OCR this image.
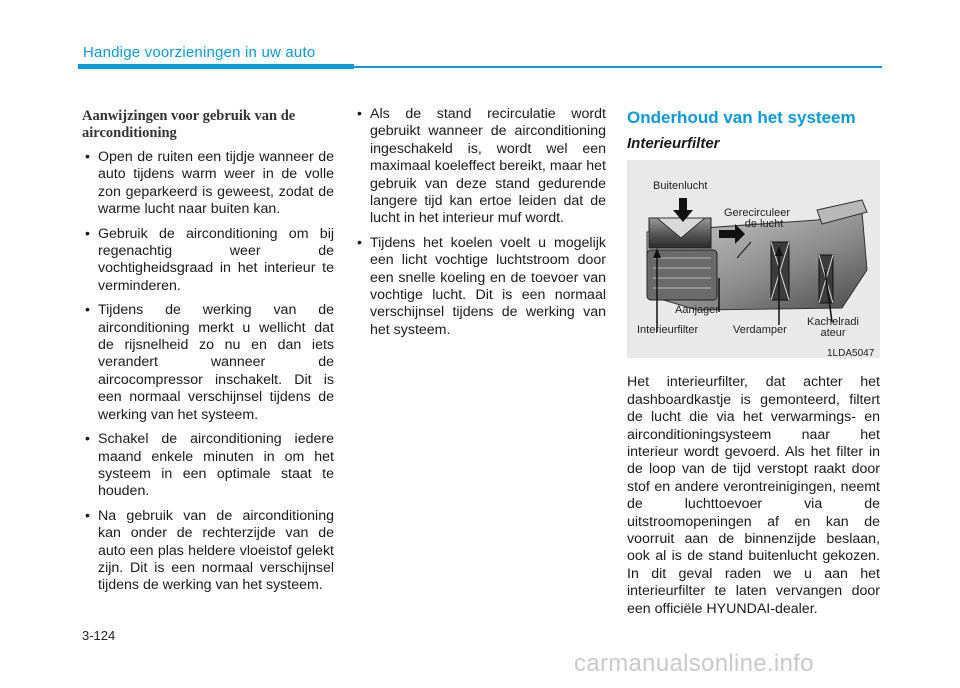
Handige voorzieningen in uw auto
Aanwijzingen voor gebruik van de airconditioning
• Open de ruiten een tijdje wanneer de auto tijdens warm weer in de volle zon geparkeerd is geweest, zodat de warme lucht naar buiten kan.
• Gebruik de airconditioning om bij regenachtig weer de vochtigheidsgraad in het interieur te verminderen.
• Tijdens de werking van de airconditioning merkt u wellicht dat de rijsnelheid zo nu en dan iets verandert wanneer de aircocompressor inschakelt. Dit is een normaal verschijnsel tijdens de werking van het systeem.
• Schakel de airconditioning iedere maand enkele minuten in om het systeem in een optimale staat te houden.
• Na gebruik van de airconditioning kan onder de rechterzijde van de auto een plas heldere vloeistof gelekt zijn. Dit is een normaal verschijnsel tijdens de werking van het systeem.
• Als de stand recirculatie wordt gebruikt wanneer de airconditioning ingeschakeld is, wordt wel een maximaal koeleffect bereikt, maar het gebruik van deze stand gedurende langere tijd kan ertoe leiden dat de lucht in het interieur muf wordt.
• Tijdens het koelen voelt u mogelijk een licht vochtige luchtstroom door een snelle koeling en de toevoer van vochtige lucht. Dit is een normaal verschijnsel tijdens de werking van het systeem.
Onderhoud van het systeem
Interieurfilter
Buitenlucht
Gerecirculeer
de lucht
Aanjager
Interieurfilter	Verdamper
Kachelradi
ateur
1LDA5047
Het interieurfilter, dat achter het dashboardkastje is gemonteerd, filtert de lucht die via het verwarmings- en airconditioningsysteem naar het interieur wordt gevoerd. Als het filter in de loop van de tijd verstopt raakt door stof en andere verontreinigingen, neemt de luchttoevoer via de uitstroomopeningen af en kan de voorruit aan de binnenzijde beslaan, ook al is de stand buitenlucht gekozen. In dit geval raden we u aan het interieurfilter te laten vervangen door een officiële HYUNDAI-dealer.
3-124
carmanualsonline.info
